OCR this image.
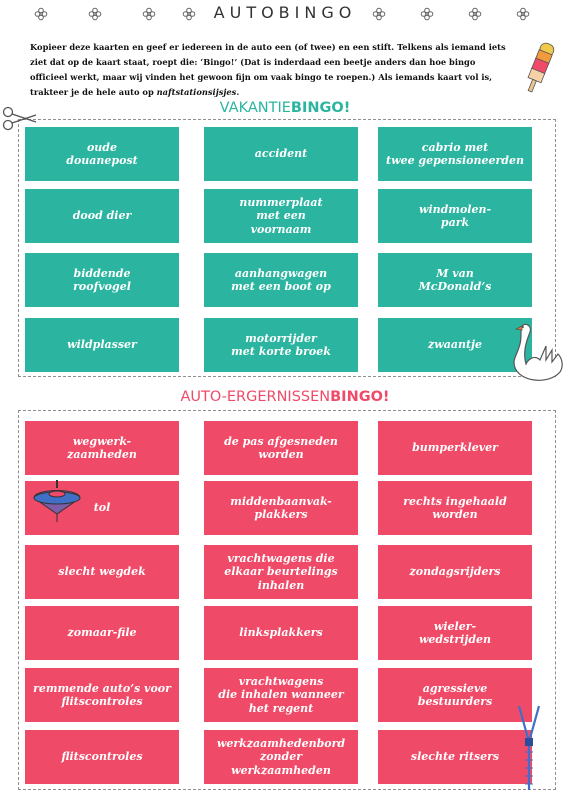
AUTOBINGO
Kopieer deze kaarten en geef er iedereen in de auto een (of twee) en een stift. Telkens als iemand iets ziet dat op de kaart staat, roept die: ‘Bingo!’ (Dat is inderdaad een beetje anders dan hoe bingo officieel werkt, maar wij vinden het gewoon fijn om vaak bingo te roepen.) Als iemands kaart vol is, trakteer je de hele auto op naftstationsijsjes.
VAKANTIEBINGO!
oude
douanepost
accident
cabrio met
twee gepensioneerden
dood dier
nummerplaat
met een
voornaam
windmolen-
park
biddende
roofvogel
aanhangwagen
met een boot op
M van
McDonald’s
wildplasser
motorrijder
met korte broek
zwaantje
AUTO-ERGERNISSENBINGO!
wegwerk-
zaamheden
de pas afgesneden
worden
bumperklever
tol
middenbaanvak-
plakkers
rechts ingehaald
worden
slecht wegdek
vrachtwagens die
elkaar beurtelings
inhalen
zondagsrijders
zomaar-file	linksplakkers
wieler-
wedstrijden
remmende auto’s voor
flitscontroles
vrachtwagens
die inhalen wanneer
het regent
agressieve
bestuurders
flitscontroles
werkzaamhedenbord
zonder
werkzaamheden
slechte ritsers
